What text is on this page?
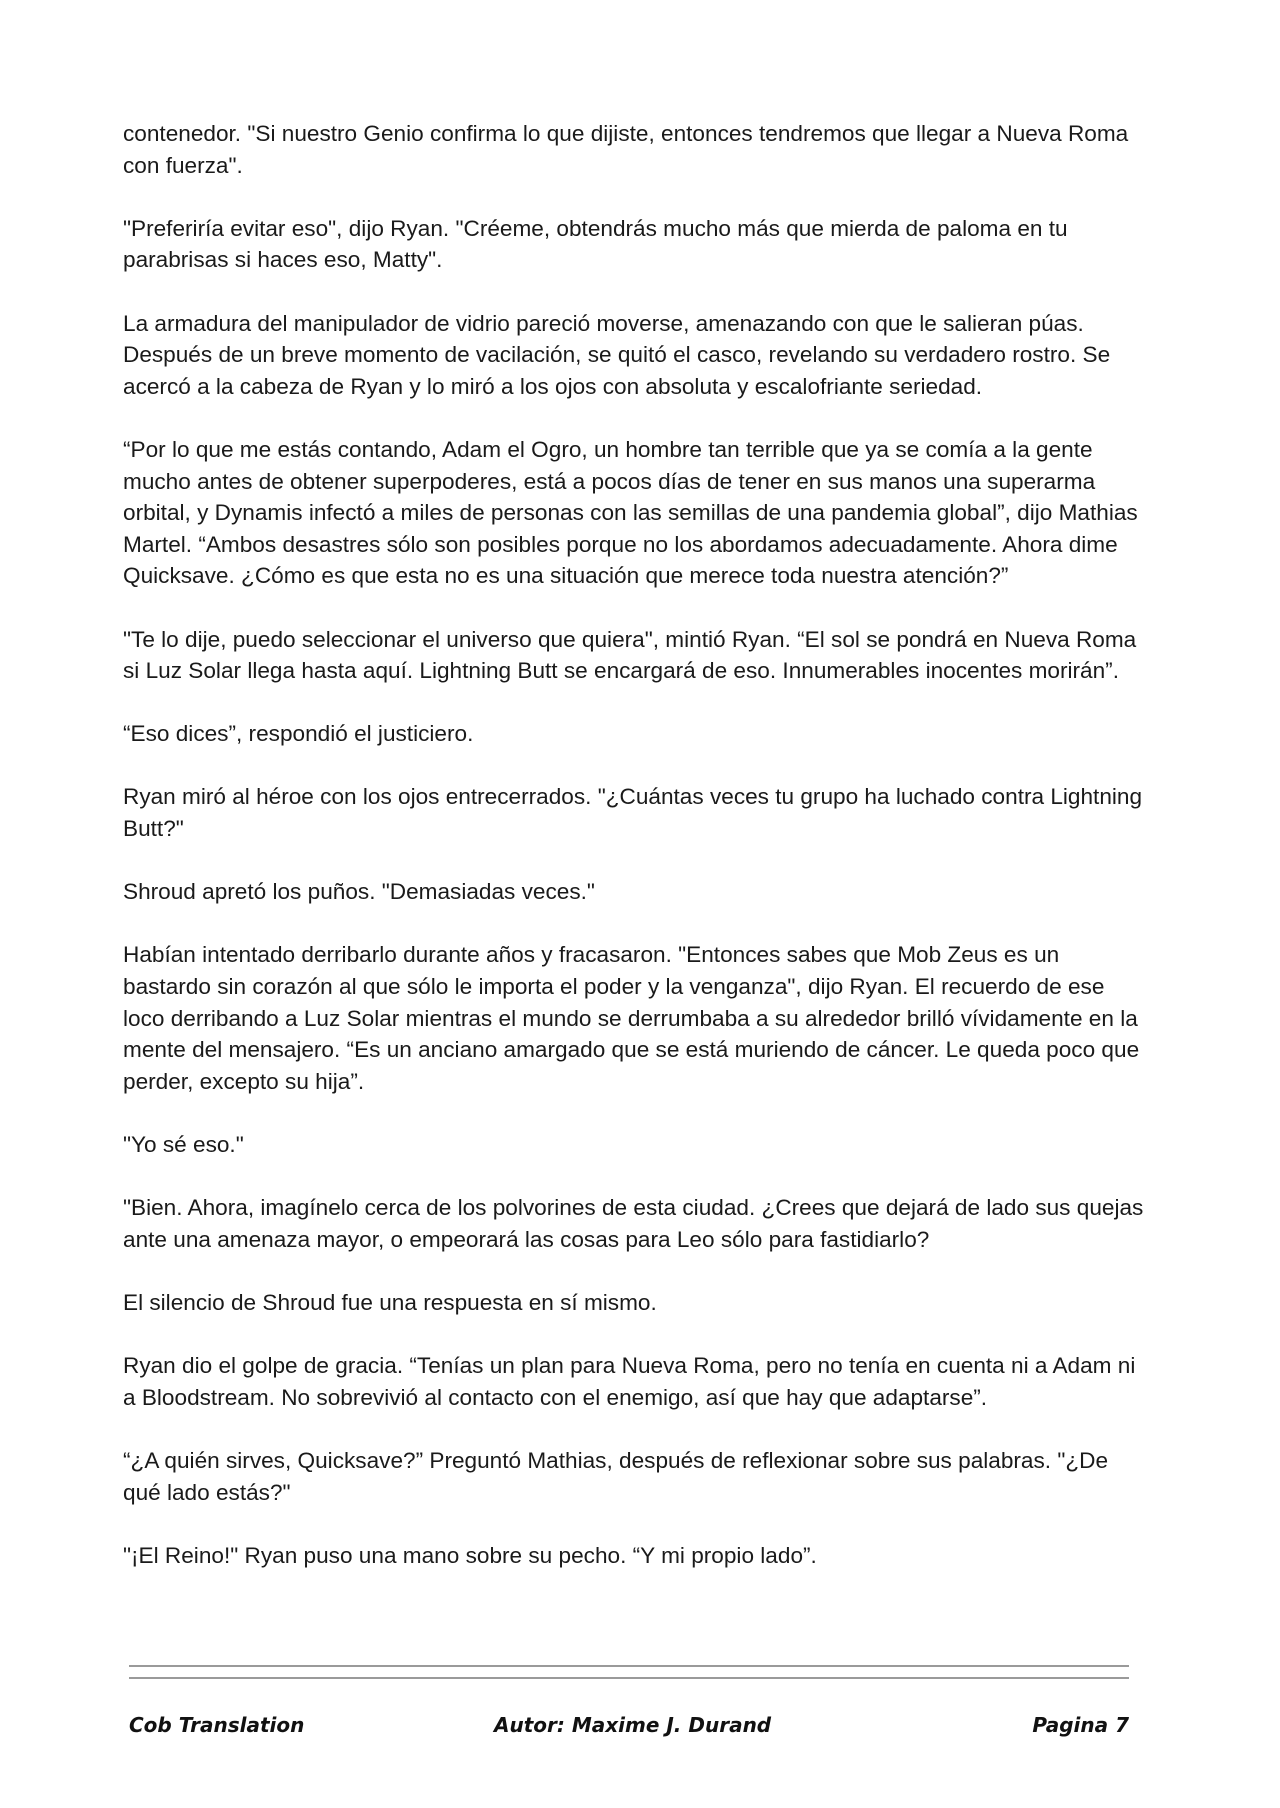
contenedor. "Si nuestro Genio confirma lo que dijiste, entonces tendremos que llegar a Nueva Roma con fuerza".

"Preferiría evitar eso", dijo Ryan. "Créeme, obtendrás mucho más que mierda de paloma en tu parabrisas si haces eso, Matty".

La armadura del manipulador de vidrio pareció moverse, amenazando con que le salieran púas. Después de un breve momento de vacilación, se quitó el casco, revelando su verdadero rostro. Se acercó a la cabeza de Ryan y lo miró a los ojos con absoluta y escalofriante seriedad.

“Por lo que me estás contando, Adam el Ogro, un hombre tan terrible que ya se comía a la gente mucho antes de obtener superpoderes, está a pocos días de tener en sus manos una superarma orbital, y Dynamis infectó a miles de personas con las semillas de una pandemia global”, dijo Mathias Martel. “Ambos desastres sólo son posibles porque no los abordamos adecuadamente. Ahora dime Quicksave. ¿Cómo es que esta no es una situación que merece toda nuestra atención?”

"Te lo dije, puedo seleccionar el universo que quiera", mintió Ryan. “El sol se pondrá en Nueva Roma si Luz Solar llega hasta aquí. Lightning Butt se encargará de eso. Innumerables inocentes morirán”.

“Eso dices”, respondió el justiciero.

Ryan miró al héroe con los ojos entrecerrados. "¿Cuántas veces tu grupo ha luchado contra Lightning Butt?"

Shroud apretó los puños. "Demasiadas veces."

Habían intentado derribarlo durante años y fracasaron. "Entonces sabes que Mob Zeus es un bastardo sin corazón al que sólo le importa el poder y la venganza", dijo Ryan. El recuerdo de ese loco derribando a Luz Solar mientras el mundo se derrumbaba a su alrededor brilló vívidamente en la mente del mensajero. “Es un anciano amargado que se está muriendo de cáncer. Le queda poco que perder, excepto su hija”.

"Yo sé eso."

"Bien. Ahora, imagínelo cerca de los polvorines de esta ciudad. ¿Crees que dejará de lado sus quejas ante una amenaza mayor, o empeorará las cosas para Leo sólo para fastidiarlo?

El silencio de Shroud fue una respuesta en sí mismo.

Ryan dio el golpe de gracia. “Tenías un plan para Nueva Roma, pero no tenía en cuenta ni a Adam ni a Bloodstream. No sobrevivió al contacto con el enemigo, así que hay que adaptarse”.

“¿A quién sirves, Quicksave?” Preguntó Mathias, después de reflexionar sobre sus palabras. "¿De qué lado estás?"

"¡El Reino!" Ryan puso una mano sobre su pecho. “Y mi propio lado”.

Cob Translation	Autor: Maxime J. Durand	Pagina 7
